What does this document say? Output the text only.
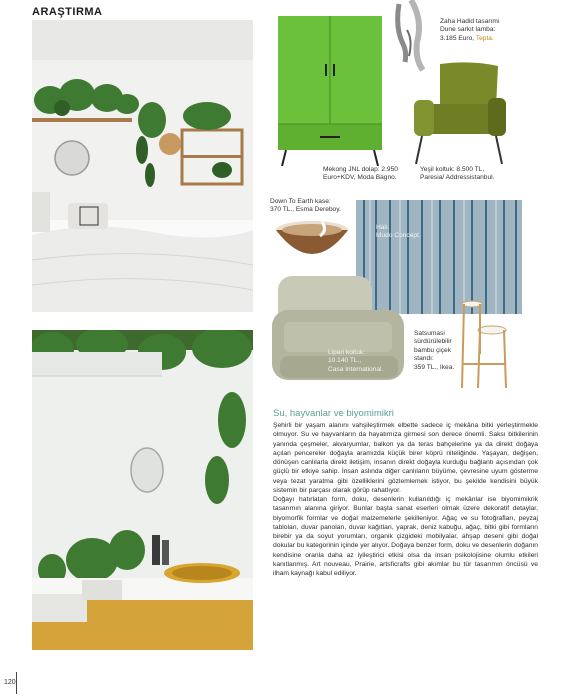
ARAŞTIRMA
Mekong JNL dolap: 2.950
Euro+KDV, Moda Bagno.
Zaha Hadid tasarımı
Dune sarkıt lamba:
3.185 Euro, Tepta.
Yeşil koltuk: 8.500 TL,
Paresia/ Addressistanbul.
Down To Earth kase:
370 TL., Esma Dereboy.
Halı:
Mudo Concept.
Lipari koltuk:
10.140 TL.,
Casa International.
Satsumasi
sürdürülebilir
bambu çiçek
standı:
359 TL., Ikea.
Su, hayvanlar ve biyomimikri

Şehirli bir yaşam alanını vahşileştirmek elbette sadece iç mekâna bitki yerleştirmekle olmuyor. Su ve hayvanların da hayatımıza girmesi son derece önemli. Saksı bitkilerinin yanında çeşmeler, akvaryumlar, balkon ya da teras bahçelerine ya da direkt doğaya açılan pencereler doğayla aramızda küçük birer köprü niteliğinde. Yaşayan, değişen, dönüşen canlılarla direkt iletişim, insanın direkt doğayla kurduğu bağlantı açısından çok güçlü bir etkiye sahip. İnsan aslında diğer canlıların büyüme, çevresine uyum gösterme veya tezat yaratma gibi özelliklerini gözlemlemek istiyor, bu şekilde kendisini büyük sistemin bir parçası olarak görüp rahatlıyor.

Doğayı hatırlatan form, doku, desenlerin kullanıldığı iç mekânlar ise biyomimikrik tasarımın alanına giriyor. Bunlar başta sanat eserleri olmak üzere dekoratif detaylar, biyomorfik formlar ve doğal malzemelerle şekilleniyor. Ağaç ve su fotoğrafları, peyzaj tabloları, duvar panoları, duvar kağıtları, yaprak, deniz kabuğu, ağaç, bitki gibi formların birebir ya da soyut yorumları, organik çizgideki mobilyalar, ahşap deseni gibi doğal dokular bu kategorinin içinde yer alıyor. Doğaya benzer form, doku ve desenlerin doğanın kendisine oranla daha az iyileştirici etkisi olsa da insan psikolojisine olumlu etkileri kanıtlanmış. Art nouveau, Prairie, artsficrafts gibi akımlar bu tür tasarımın öncüsü ve ilham kaynağı kabul ediliyor.

120
